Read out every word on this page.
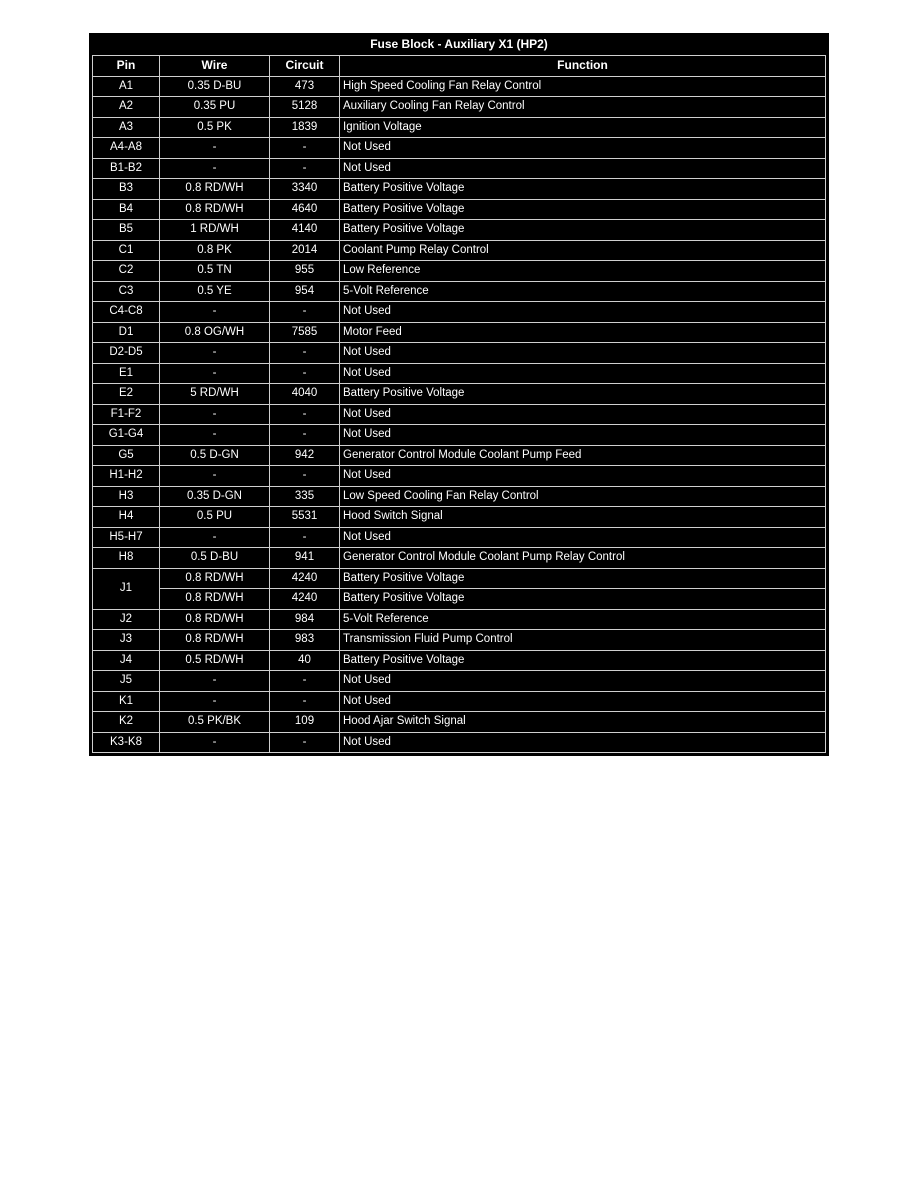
Fuse Block - Auxiliary X1 (HP2)
Pin	Wire	Circuit	Function
A1	0.35 D-BU	473	High Speed Cooling Fan Relay Control
A2	0.35 PU	5128	Auxiliary Cooling Fan Relay Control
A3	0.5 PK	1839	Ignition Voltage
A4-A8	-	-	Not Used
B1-B2	-	-	Not Used
B3	0.8 RD/WH	3340	Battery Positive Voltage
B4	0.8 RD/WH	4640	Battery Positive Voltage
B5	1 RD/WH	4140	Battery Positive Voltage
C1	0.8 PK	2014	Coolant Pump Relay Control
C2	0.5 TN	955	Low Reference
C3	0.5 YE	954	5-Volt Reference
C4-C8	-	-	Not Used
D1	0.8 OG/WH	7585	Motor Feed
D2-D5	-	-	Not Used
E1	-	-	Not Used
E2	5 RD/WH	4040	Battery Positive Voltage
F1-F2	-	-	Not Used
G1-G4	-	-	Not Used
G5	0.5 D-GN	942	Generator Control Module Coolant Pump Feed
H1-H2	-	-	Not Used
H3	0.35 D-GN	335	Low Speed Cooling Fan Relay Control
H4	0.5 PU	5531	Hood Switch Signal
H5-H7	-	-	Not Used
H8	0.5 D-BU	941	Generator Control Module Coolant Pump Relay Control
J1	0.8 RD/WH	4240	Battery Positive Voltage
	0.8 RD/WH	4240	Battery Positive Voltage
J2	0.8 RD/WH	984	5-Volt Reference
J3	0.8 RD/WH	983	Transmission Fluid Pump Control
J4	0.5 RD/WH	40	Battery Positive Voltage
J5	-	-	Not Used
K1	-	-	Not Used
K2	0.5 PK/BK	109	Hood Ajar Switch Signal
K3-K8	-	-	Not Used
